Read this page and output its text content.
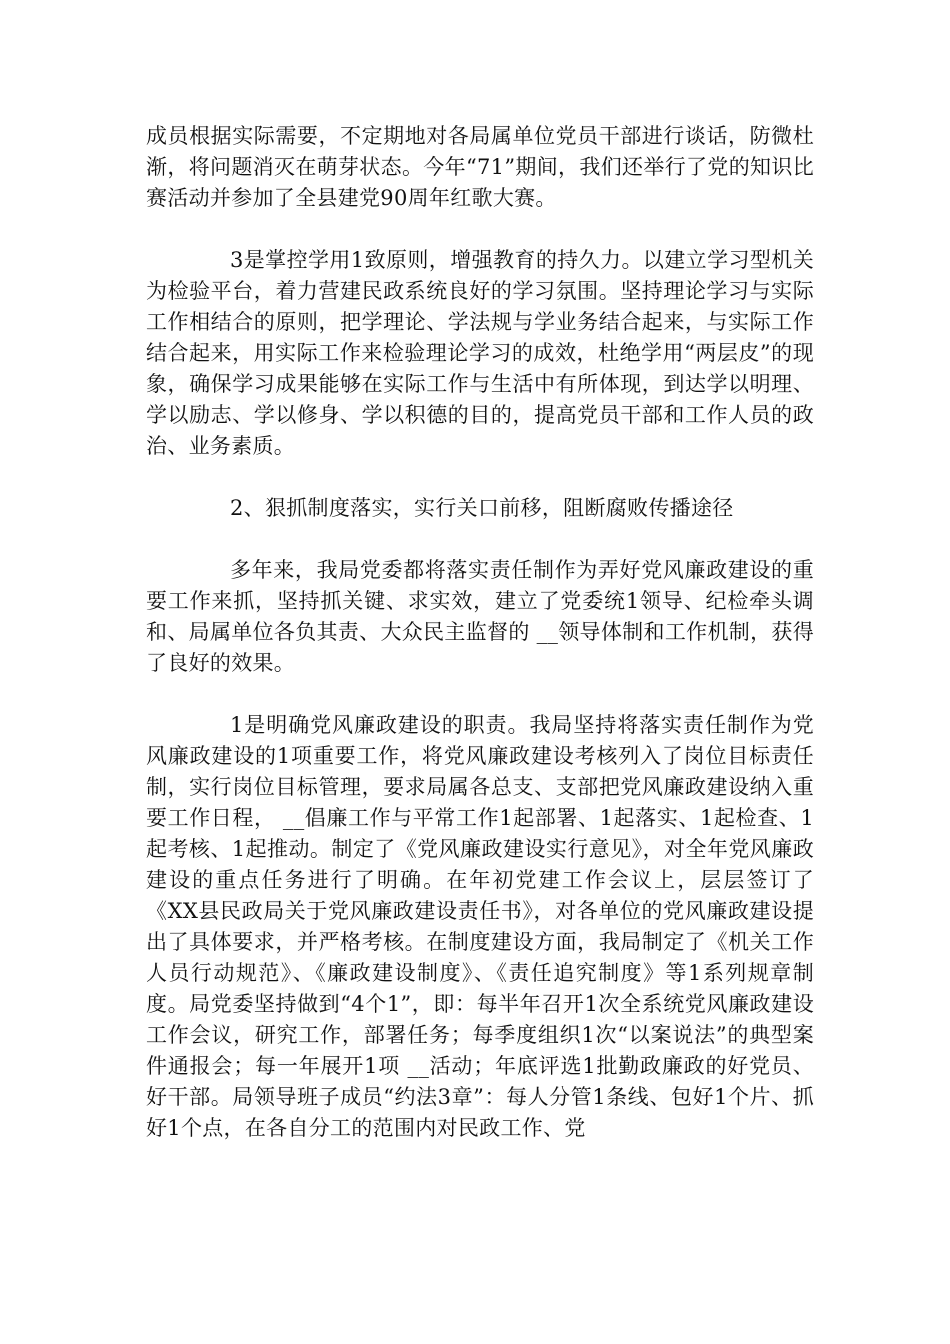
成员根据实际需要，不定期地对各局属单位党员干部进行谈话，防微杜渐，将问题消灭在萌芽状态。今年“71”期间，我们还举行了党的知识比赛活动并参加了全县建党90周年红歌大赛。

3是掌控学用1致原则，增强教育的持久力。以建立学习型机关为检验平台，着力营建民政系统良好的学习氛围。坚持理论学习与实际工作相结合的原则，把学理论、学法规与学业务结合起来，与实际工作结合起来，用实际工作来检验理论学习的成效，杜绝学用“两层皮”的现象，确保学习成果能够在实际工作与生活中有所体现，到达学以明理、学以励志、学以修身、学以积德的目的，提高党员干部和工作人员的政治、业务素质。

2、狠抓制度落实，实行关口前移，阻断腐败传播途径

多年来，我局党委都将落实责任制作为弄好党风廉政建设的重要工作来抓，坚持抓关键、求实效，建立了党委统1领导、纪检牵头调和、局属单位各负其责、大众民主监督的 __领导体制和工作机制，获得了良好的效果。

1是明确党风廉政建设的职责。我局坚持将落实责任制作为党风廉政建设的1项重要工作，将党风廉政建设考核列入了岗位目标责任制，实行岗位目标管理，要求局属各总支、支部把党风廉政建设纳入重要工作日程， __倡廉工作与平常工作1起部署、1起落实、1起检查、1起考核、1起推动。制定了《党风廉政建设实行意见》，对全年党风廉政建设的重点任务进行了明确。在年初党建工作会议上，层层签订了《XX县民政局关于党风廉政建设责任书》，对各单位的党风廉政建设提出了具体要求，并严格考核。在制度建设方面，我局制定了《机关工作人员行动规范》、《廉政建设制度》、《责任追究制度》等1系列规章制度。局党委坚持做到“4个1”，即：每半年召开1次全系统党风廉政建设工作会议，研究工作，部署任务；每季度组织1次“以案说法”的典型案件通报会；每一年展开1项 __活动；年底评选1批勤政廉政的好党员、好干部。局领导班子成员“约法3章”：每人分管1条线、包好1个片、抓好1个点，在各自分工的范围内对民政工作、党
